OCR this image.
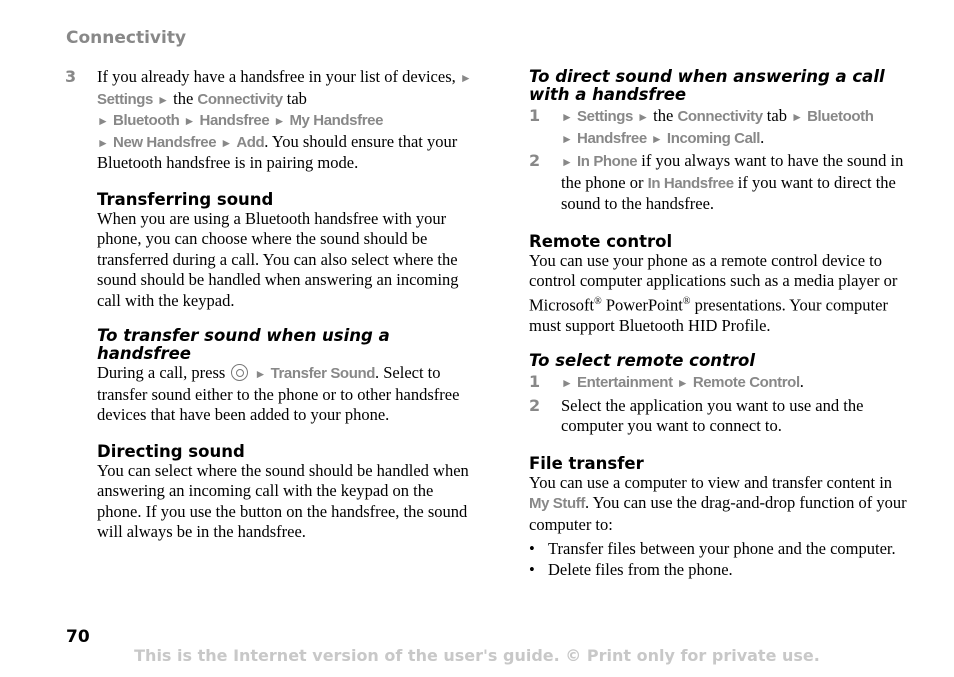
Connectivity
3 If you already have a handsfree in your list of devices, ► Settings ► the Connectivity tab
► Bluetooth ► Handsfree ► My Handsfree
► New Handsfree ► Add. You should ensure that your Bluetooth handsfree is in pairing mode.

Transferring sound

When you are using a Bluetooth handsfree with your phone, you can choose where the sound should be transferred during a call. You can also select where the sound should be handled when answering an incoming call with the keypad.

To transfer sound when using a handsfree

During a call, press  ► Transfer Sound. Select to transfer sound either to the phone or to other handsfree devices that have been added to your phone.

Directing sound

You can select where the sound should be handled when answering an incoming call with the keypad on the phone. If you use the button on the handsfree, the sound will always be in the handsfree.

To direct sound when answering a call with a handsfree
1 ► Settings ► the Connectivity tab ► Bluetooth
► Handsfree ► Incoming Call.

2 ► In Phone if you always want to have the sound in the phone or In Handsfree if you want to direct the sound to the handsfree.

Remote control

You can use your phone as a remote control device to control computer applications such as a media player or Microsoft® PowerPoint® presentations. Your computer must support Bluetooth HID Profile.

To select remote control
1 ► Entertainment ► Remote Control.

2 Select the application you want to use and the computer you want to connect to.

File transfer

You can use a computer to view and transfer content in My Stuff. You can use the drag-and-drop function of your computer to:

• Transfer files between your phone and the computer.
• Delete files from the phone.
70
This is the Internet version of the user's guide. © Print only for private use.
